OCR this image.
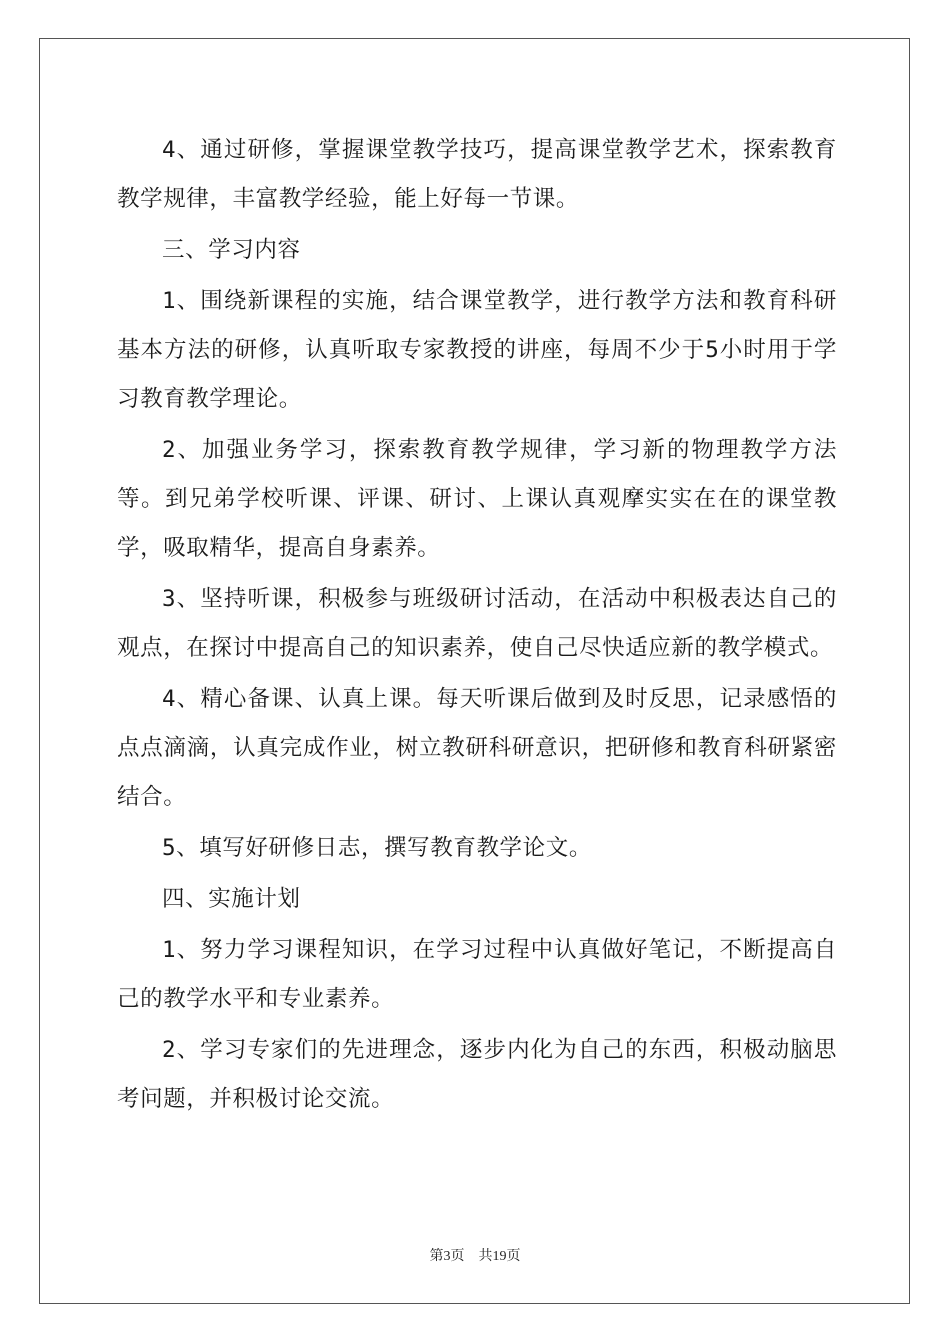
4、通过研修，掌握课堂教学技巧，提高课堂教学艺术，探索教育教学规律，丰富教学经验，能上好每一节课。

三、学习内容

1、围绕新课程的实施，结合课堂教学，进行教学方法和教育科研基本方法的研修，认真听取专家教授的讲座，每周不少于5小时用于学习教育教学理论。

2、加强业务学习，探索教育教学规律，学习新的物理教学方法等。到兄弟学校听课、评课、研讨、上课认真观摩实实在在的课堂教学，吸取精华，提高自身素养。

3、坚持听课，积极参与班级研讨活动，在活动中积极表达自己的观点，在探讨中提高自己的知识素养，使自己尽快适应新的教学模式。

4、精心备课、认真上课。每天听课后做到及时反思，记录感悟的点点滴滴，认真完成作业，树立教研科研意识，把研修和教育科研紧密结合。

5、填写好研修日志，撰写教育教学论文。

四、实施计划

1、努力学习课程知识，在学习过程中认真做好笔记，不断提高自己的教学水平和专业素养。

2、学习专家们的先进理念，逐步内化为自己的东西，积极动脑思考问题，并积极讨论交流。

第3页 共19页
